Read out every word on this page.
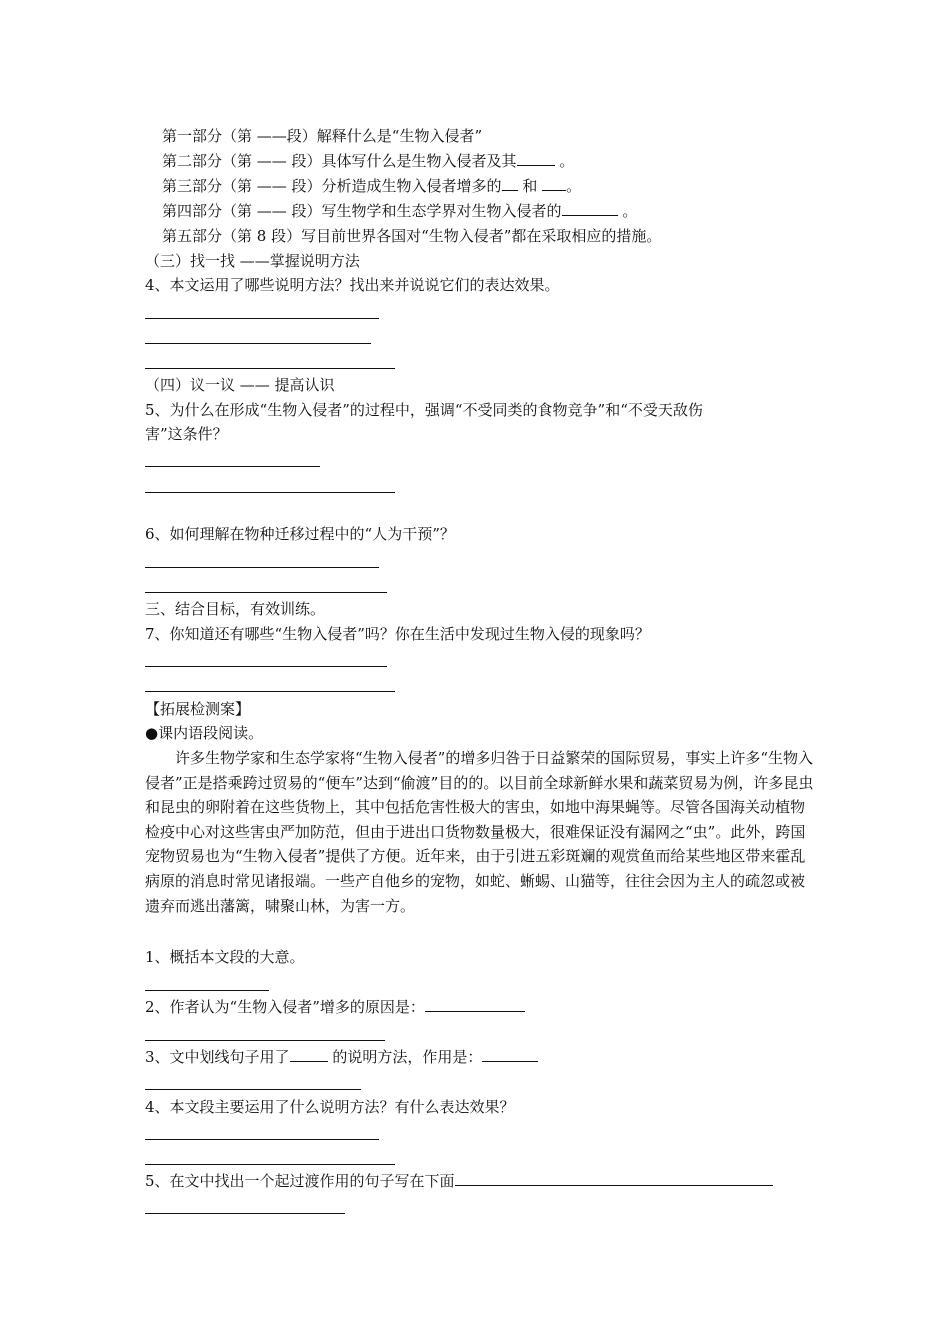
第一部分（第 ——段）解释什么是“生物入侵者”
第二部分（第 —— 段）具体写什么是生物入侵者及其	。
第三部分（第 —— 段）分析造成生物入侵者增多的 和 。
第四部分（第 —— 段）写生物学和生态学界对生物入侵者的	。
第五部分（第 8 段）写目前世界各国对“生物入侵者”都在采取相应的措施。
（三）找一找 ——掌握说明方法
4、本文运用了哪些说明方法？找出来并说说它们的表达效果。
（四）议一议 —— 提高认识
5、为什么在形成“生物入侵者”的过程中，强调“不受同类的食物竞争”和“不受天敌伤
害”这条件？
6、如何理解在物种迁移过程中的“人为干预”？
三、结合目标，有效训练。
7、你知道还有哪些“生物入侵者”吗？你在生活中发现过生物入侵的现象吗？
【拓展检测案】
●课内语段阅读。

许多生物学家和生态学家将“生物入侵者”的增多归咎于日益繁荣的国际贸易，事实上许多“生物入侵者”正是搭乘跨过贸易的“便车”达到“偷渡”目的的。以目前全球新鲜水果和蔬菜贸易为例，许多昆虫和昆虫的卵附着在这些货物上，其中包括危害性极大的害虫，如地中海果蝇等。尽管各国海关动植物检疫中心对这些害虫严加防范，但由于进出口货物数量极大，很难保证没有漏网之“虫”。此外，跨国宠物贸易也为“生物入侵者”提供了方便。近年来，由于引进五彩斑斓的观赏鱼而给某些地区带来霍乱病原的消息时常见诸报端。一些产自他乡的宠物，如蛇、蜥蜴、山猫等，往往会因为主人的疏忽或被遗弃而逃出藩篱，啸聚山林，为害一方。

1、概括本文段的大意。
2、作者认为“生物入侵者”增多的原因是：
3、文中划线句子用了	的说明方法，作用是：
4、本文段主要运用了什么说明方法？有什么表达效果？
5、在文中找出一个起过渡作用的句子写在下面
